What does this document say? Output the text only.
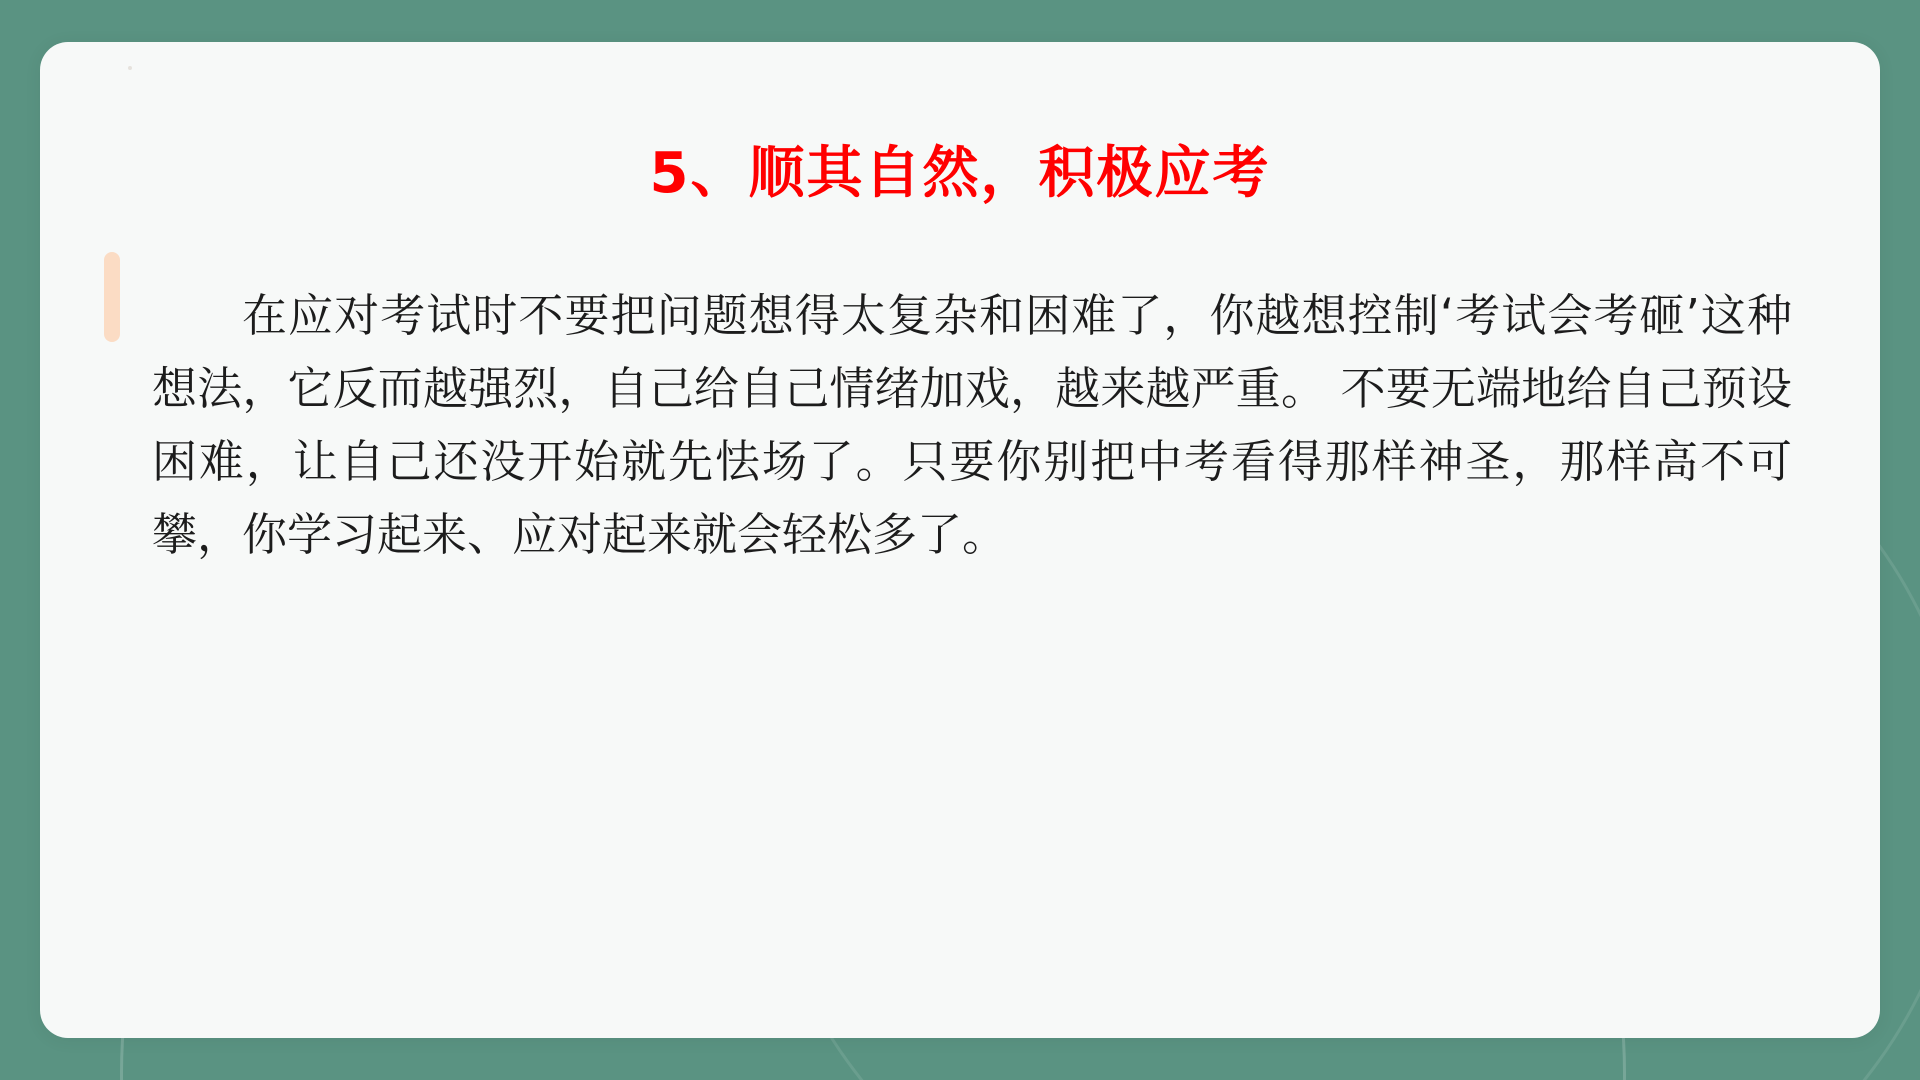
5、顺其自然，积极应考
在应对考试时不要把问题想得太复杂和困难了，你越想控制‘考试会考砸’这种想法，它反而越强烈，自己给自己情绪加戏，越来越严重。 不要无端地给自己预设困难，让自己还没开始就先怯场了。只要你别把中考看得那样神圣，那样高不可攀，你学习起来、应对起来就会轻松多了。
